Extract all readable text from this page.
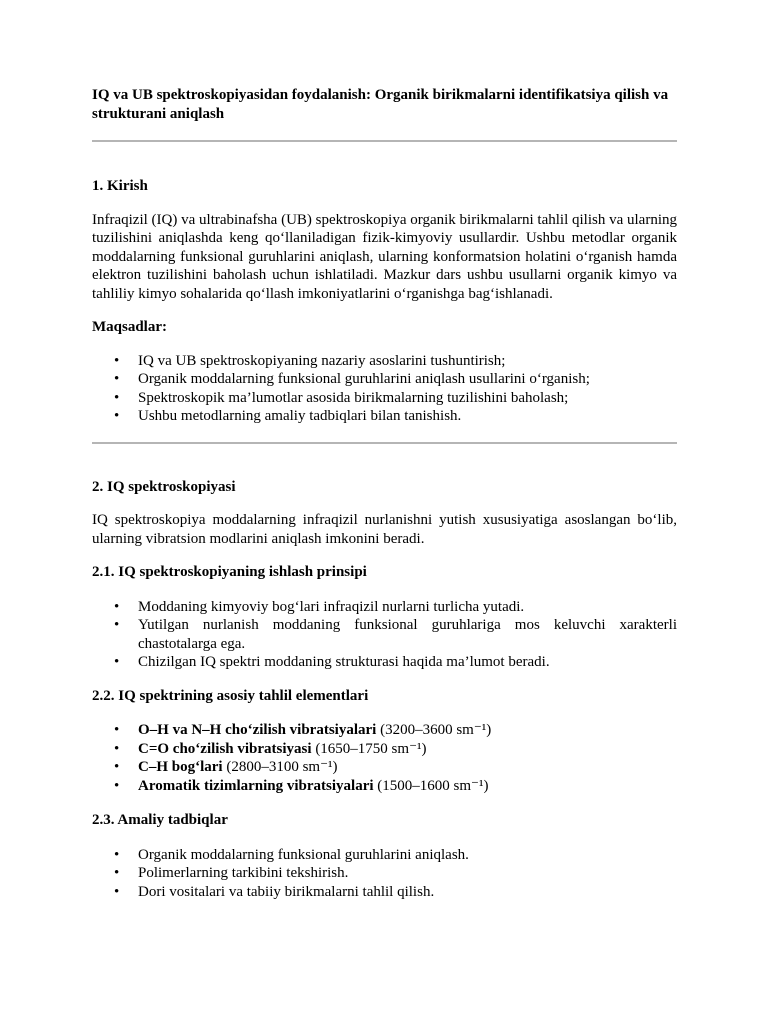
IQ va UB spektroskopiyasidan foydalanish: Organik birikmalarni identifikatsiya qilish va strukturani aniqlash

1. Kirish

Infraqizil (IQ) va ultrabinafsha (UB) spektroskopiya organik birikmalarni tahlil qilish va ularning tuzilishini aniqlashda keng qo‘llaniladigan fizik-kimyoviy usullardir. Ushbu metodlar organik moddalarning funksional guruhlarini aniqlash, ularning konformatsion holatini o‘rganish hamda elektron tuzilishini baholash uchun ishlatiladi. Mazkur dars ushbu usullarni organik kimyo va tahliliy kimyo sohalarida qo‘llash imkoniyatlarini o‘rganishga bag‘ishlanadi.

Maqsadlar:

• IQ va UB spektroskopiyaning nazariy asoslarini tushuntirish;
• Organik moddalarning funksional guruhlarini aniqlash usullarini o‘rganish;
• Spektroskopik ma’lumotlar asosida birikmalarning tuzilishini baholash;
• Ushbu metodlarning amaliy tadbiqlari bilan tanishish.
2. IQ spektroskopiyasi

IQ spektroskopiya moddalarning infraqizil nurlanishni yutish xususiyatiga asoslangan bo‘lib, ularning vibratsion modlarini aniqlash imkonini beradi.

2.1. IQ spektroskopiyaning ishlash prinsipi
• Moddaning kimyoviy bog‘lari infraqizil nurlarni turlicha yutadi.
• Yutilgan nurlanish moddaning funksional guruhlariga mos keluvchi xarakterli chastotalarga ega.
• Chizilgan IQ spektri moddaning strukturasi haqida ma’lumot beradi.
2.2. IQ spektrining asosiy tahlil elementlari
• O–H va N–H cho‘zilish vibratsiyalari (3200–3600 sm⁻¹)
• C=O cho‘zilish vibratsiyasi (1650–1750 sm⁻¹)
• C–H bog‘lari (2800–3100 sm⁻¹)
• Aromatik tizimlarning vibratsiyalari (1500–1600 sm⁻¹)
2.3. Amaliy tadbiqlar
• Organik moddalarning funksional guruhlarini aniqlash.
• Polimerlarning tarkibini tekshirish.
• Dori vositalari va tabiiy birikmalarni tahlil qilish.
